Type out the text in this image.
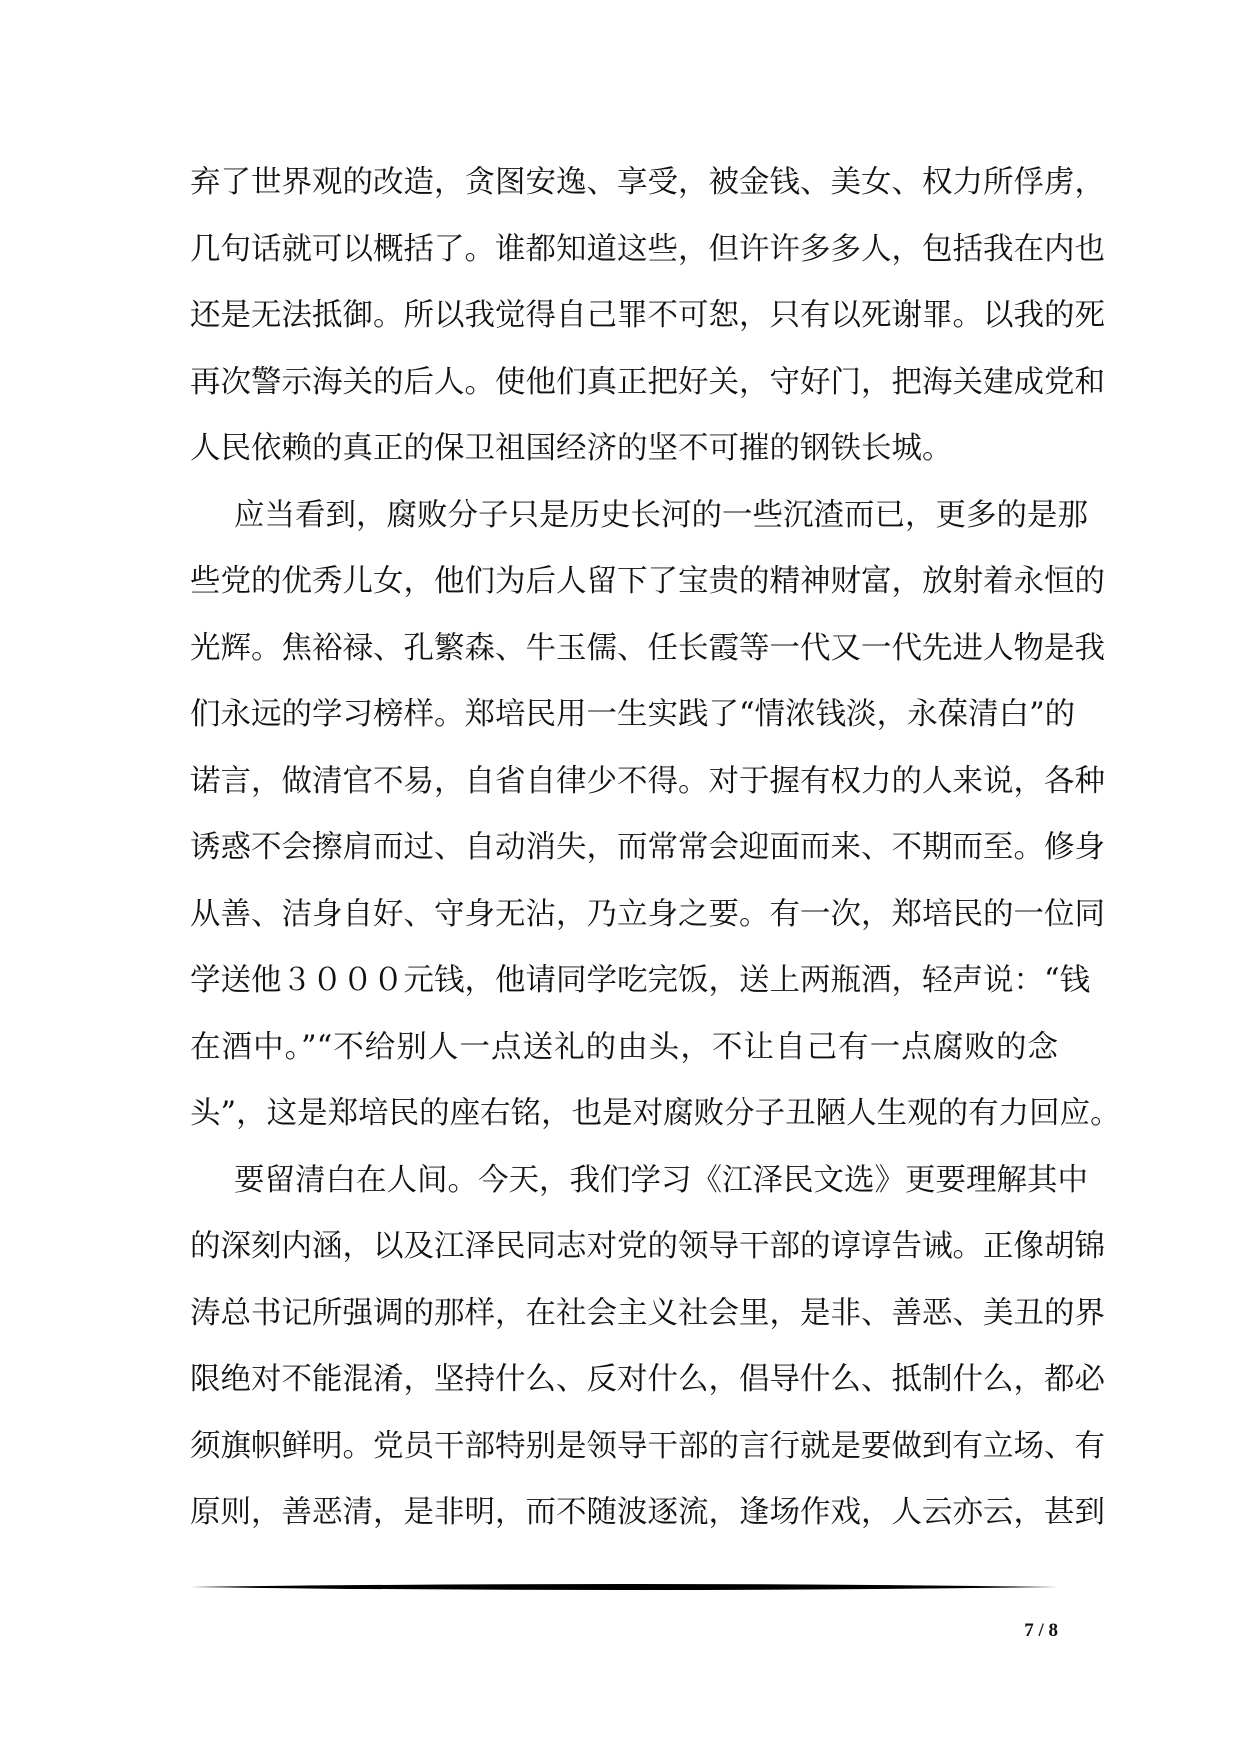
弃了世界观的改造，贪图安逸、享受，被金钱、美女、权力所俘虏，
几句话就可以概括了。谁都知道这些，但许许多多人，包括我在内也
还是无法抵御。所以我觉得自己罪不可恕，只有以死谢罪。以我的死
再次警示海关的后人。使他们真正把好关，守好门，把海关建成党和
人民依赖的真正的保卫祖国经济的坚不可摧的钢铁长城。
应当看到，腐败分子只是历史长河的一些沉渣而已，更多的是那
些党的优秀儿女，他们为后人留下了宝贵的精神财富，放射着永恒的
光辉。焦裕禄、孔繁森、牛玉儒、任长霞等一代又一代先进人物是我
们永远的学习榜样。郑培民用一生实践了“情浓钱淡，永葆清白”的
诺言，做清官不易，自省自律少不得。对于握有权力的人来说，各种
诱惑不会擦肩而过、自动消失，而常常会迎面而来、不期而至。修身
从善、洁身自好、守身无沾，乃立身之要。有一次，郑培民的一位同
学送他３０００元钱，他请同学吃完饭，送上两瓶酒，轻声说：“钱
在酒中。”“不给别人一点送礼的由头，不让自己有一点腐败的念
头”，这是郑培民的座右铭，也是对腐败分子丑陋人生观的有力回应。
要留清白在人间。今天，我们学习《江泽民文选》更要理解其中
的深刻内涵，以及江泽民同志对党的领导干部的谆谆告诫。正像胡锦
涛总书记所强调的那样，在社会主义社会里，是非、善恶、美丑的界
限绝对不能混淆，坚持什么、反对什么，倡导什么、抵制什么，都必
须旗帜鲜明。党员干部特别是领导干部的言行就是要做到有立场、有
原则，善恶清，是非明，而不随波逐流，逢场作戏，人云亦云，甚到
7 / 8
